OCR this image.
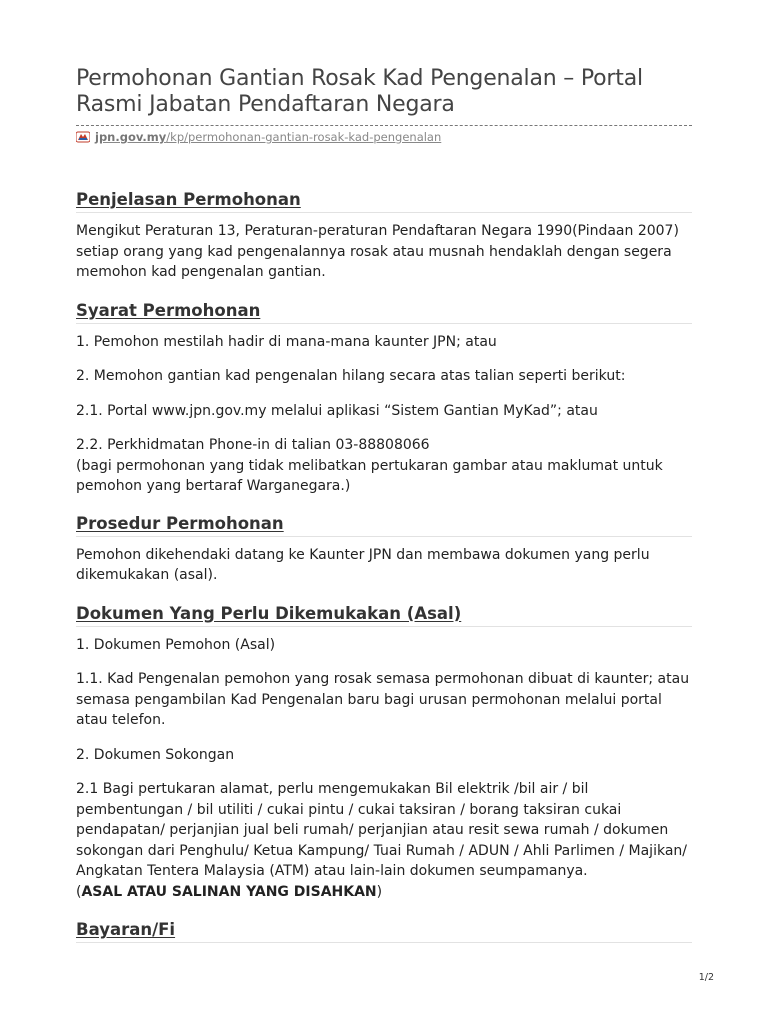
Permohonan Gantian Rosak Kad Pengenalan – Portal Rasmi Jabatan Pendaftaran Negara
jpn.gov.my/kp/permohonan-gantian-rosak-kad-pengenalan
Penjelasan Permohonan

Mengikut Peraturan 13, Peraturan-peraturan Pendaftaran Negara 1990(Pindaan 2007) setiap orang yang kad pengenalannya rosak atau musnah hendaklah dengan segera memohon kad pengenalan gantian.

Syarat Permohonan

1. Pemohon mestilah hadir di mana-mana kaunter JPN; atau

2. Memohon gantian kad pengenalan hilang secara atas talian seperti berikut:

2.1. Portal www.jpn.gov.my melalui aplikasi “Sistem Gantian MyKad”; atau

2.2. Perkhidmatan Phone-in di talian 03-88808066
(bagi permohonan yang tidak melibatkan pertukaran gambar atau maklumat untuk pemohon yang bertaraf Warganegara.)

Prosedur Permohonan

Pemohon dikehendaki datang ke Kaunter JPN dan membawa dokumen yang perlu dikemukakan (asal).

Dokumen Yang Perlu Dikemukakan (Asal)

1. Dokumen Pemohon (Asal)

1.1. Kad Pengenalan pemohon yang rosak semasa permohonan dibuat di kaunter; atau semasa pengambilan Kad Pengenalan baru bagi urusan permohonan melalui portal atau telefon.

2. Dokumen Sokongan

2.1 Bagi pertukaran alamat, perlu mengemukakan Bil elektrik /bil air / bil pembentungan / bil utiliti / cukai pintu / cukai taksiran / borang taksiran cukai pendapatan/ perjanjian jual beli rumah/ perjanjian atau resit sewa rumah / dokumen sokongan dari Penghulu/ Ketua Kampung/ Tuai Rumah / ADUN / Ahli Parlimen / Majikan/ Angkatan Tentera Malaysia (ATM) atau lain-lain dokumen seumpamanya.

(ASAL ATAU SALINAN YANG DISAHKAN)

Bayaran/Fi
1/2
